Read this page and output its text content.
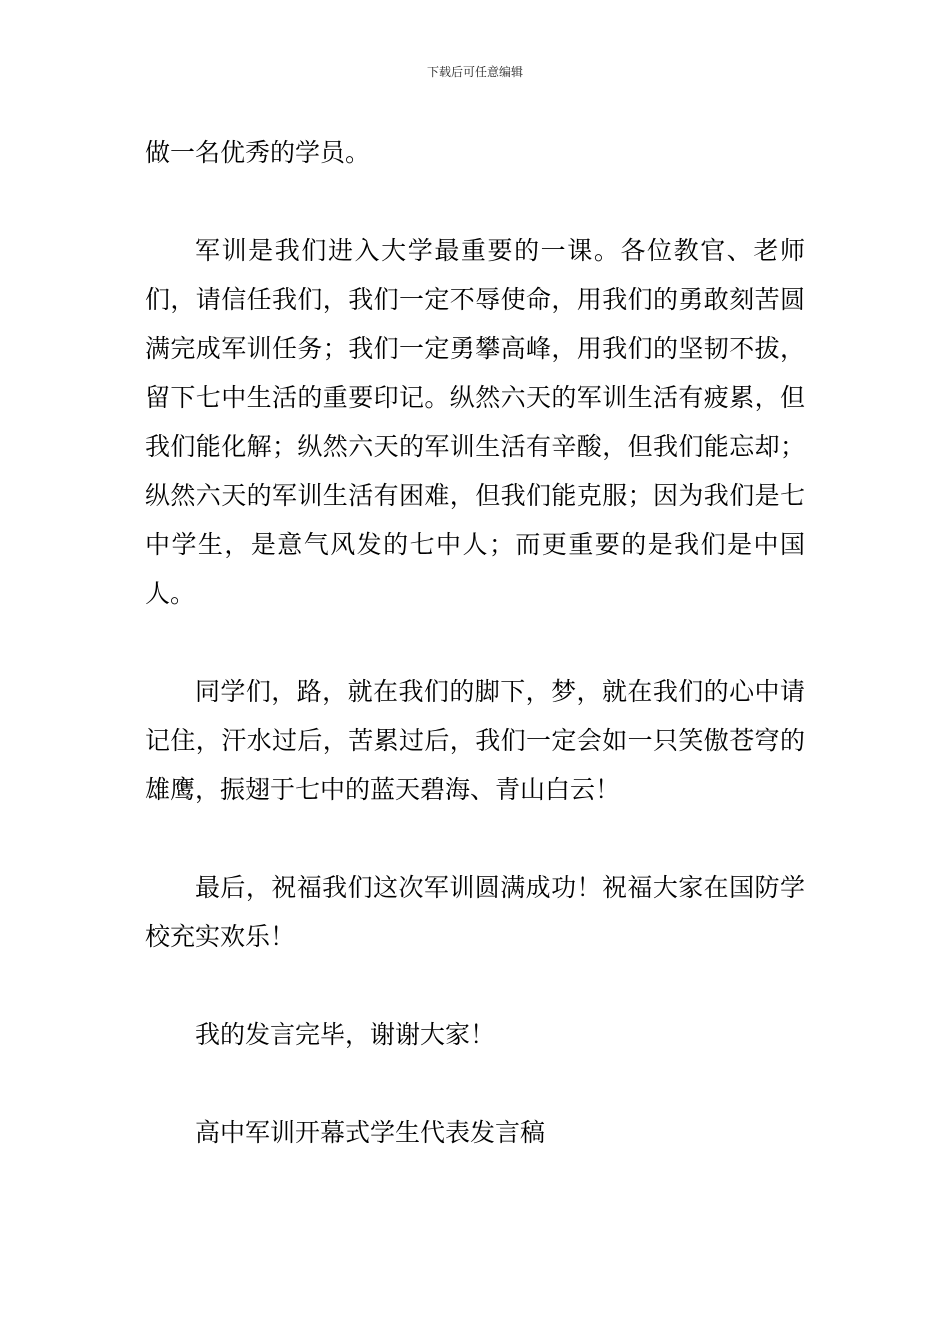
下载后可任意编辑

做一名优秀的学员。

军训是我们进入大学最重要的一课。各位教官、老师们，请信任我们，我们一定不辱使命，用我们的勇敢刻苦圆满完成军训任务；我们一定勇攀高峰，用我们的坚韧不拔，留下七中生活的重要印记。纵然六天的军训生活有疲累，但我们能化解；纵然六天的军训生活有辛酸，但我们能忘却；纵然六天的军训生活有困难，但我们能克服；因为我们是七中学生，是意气风发的七中人；而更重要的是我们是中国人。

同学们，路，就在我们的脚下，梦，就在我们的心中请记住，汗水过后，苦累过后，我们一定会如一只笑傲苍穹的雄鹰，振翅于七中的蓝天碧海、青山白云！

最后，祝福我们这次军训圆满成功！祝福大家在国防学校充实欢乐！

我的发言完毕，谢谢大家！

高中军训开幕式学生代表发言稿
